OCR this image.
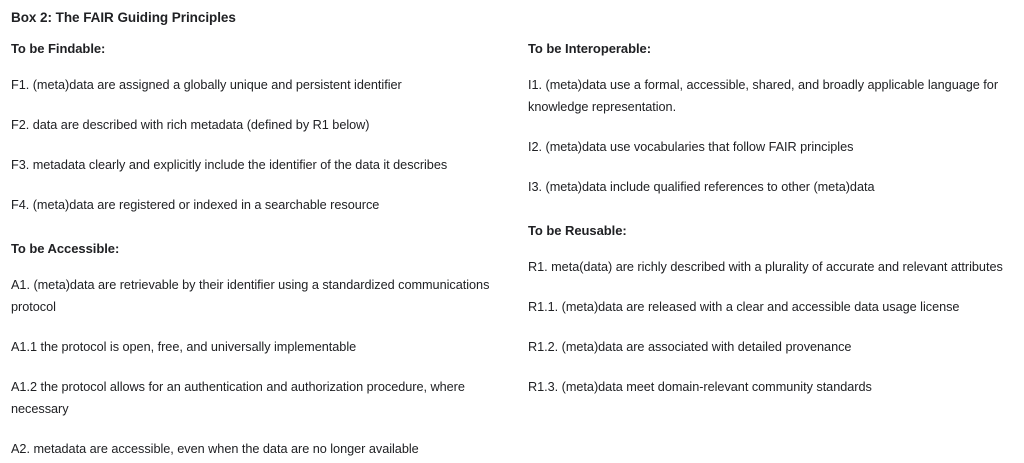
Box 2: The FAIR Guiding Principles
To be Findable:
F1. (meta)data are assigned a globally unique and persistent identifier
F2. data are described with rich metadata (defined by R1 below)
F3. metadata clearly and explicitly include the identifier of the data it describes
F4. (meta)data are registered or indexed in a searchable resource
To be Accessible:
A1. (meta)data are retrievable by their identifier using a standardized communications protocol
A1.1 the protocol is open, free, and universally implementable
A1.2 the protocol allows for an authentication and authorization procedure, where necessary
A2. metadata are accessible, even when the data are no longer available
To be Interoperable:
I1. (meta)data use a formal, accessible, shared, and broadly applicable language for knowledge representation.
I2. (meta)data use vocabularies that follow FAIR principles
I3. (meta)data include qualified references to other (meta)data
To be Reusable:
R1. meta(data) are richly described with a plurality of accurate and relevant attributes
R1.1. (meta)data are released with a clear and accessible data usage license
R1.2. (meta)data are associated with detailed provenance
R1.3. (meta)data meet domain-relevant community standards
